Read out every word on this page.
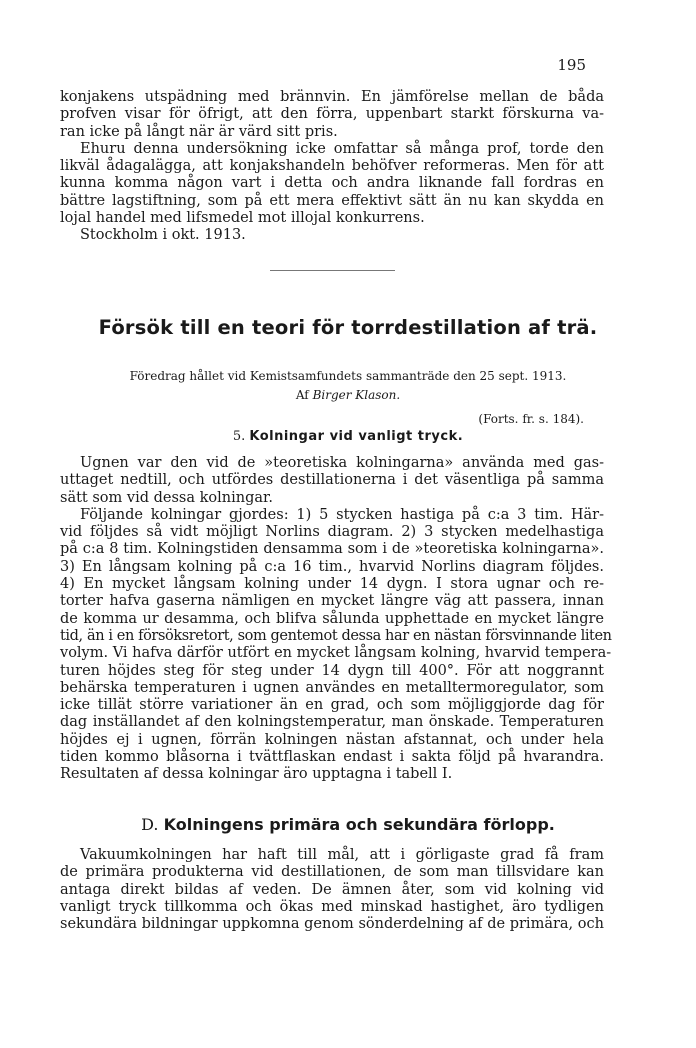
195

konjakens utspädning med brännvin. En jämförelse mellan de båda
profven visar för öfrigt, att den förra, uppenbart starkt förskurna va-
ran icke på långt när är värd sitt pris.

Ehuru denna undersökning icke omfattar så många prof, torde den
likväl ådagalägga, att konjakshandeln behöfver reformeras. Men för att
kunna komma någon vart i detta och andra liknande fall fordras en
bättre lagstiftning, som på ett mera effektivt sätt än nu kan skydda en
lojal handel med lifsmedel mot illojal konkurrens.

Stockholm i okt. 1913.

Försök till en teori för torrdestillation af trä.
Föredrag hållet vid Kemistsamfundets sammanträde den 25 sept. 1913.
Af Birger Klason.
(Forts. fr. s. 184).
5. Kolningar vid vanligt tryck.

Ugnen var den vid de »teoretiska kolningarna» använda med gas-
uttaget nedtill, och utfördes destillationerna i det väsentliga på samma
sätt som vid dessa kolningar.

Följande kolningar gjordes: 1) 5 stycken hastiga på c:a 3 tim. Här-
vid följdes så vidt möjligt Norlins diagram. 2) 3 stycken medelhastiga
på c:a 8 tim. Kolningstiden densamma som i de »teoretiska kolningarna».
3) En långsam kolning på c:a 16 tim., hvarvid Norlins diagram följdes.
4) En mycket långsam kolning under 14 dygn. I stora ugnar och re-
torter hafva gaserna nämligen en mycket längre väg att passera, innan
de komma ur desamma, och blifva sålunda upphettade en mycket längre
tid, än i en försöksretort, som gentemot dessa har en nästan försvinnande liten
volym. Vi hafva därför utfört en mycket långsam kolning, hvarvid tempera-
turen höjdes steg för steg under 14 dygn till 400°. För att noggrannt
behärska temperaturen i ugnen användes en metalltermoregulator, som
icke tillät större variationer än en grad, och som möjliggjorde dag för
dag inställandet af den kolningstemperatur, man önskade. Temperaturen
höjdes ej i ugnen, förrän kolningen nästan afstannat, och under hela
tiden kommo blåsorna i tvättflaskan endast i sakta följd på hvarandra.
Resultaten af dessa kolningar äro upptagna i tabell I.

D. Kolningens primära och sekundära förlopp.

Vakuumkolningen har haft till mål, att i görligaste grad få fram
de primära produkterna vid destillationen, de som man tillsvidare kan
antaga direkt bildas af veden. De ämnen åter, som vid kolning vid
vanligt tryck tillkomma och ökas med minskad hastighet, äro tydligen
sekundära bildningar uppkomna genom sönderdelning af de primära, och
